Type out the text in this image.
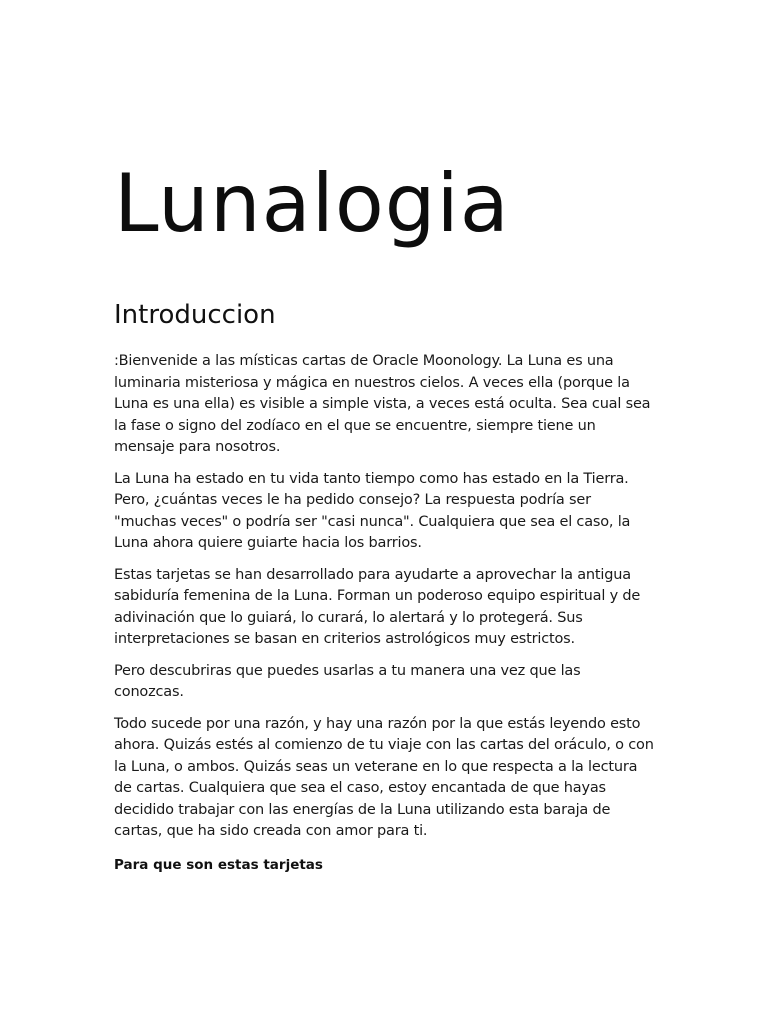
Lunalogia
Introduccion

:Bienvenide a las místicas cartas de Oracle Moonology. La Luna es una luminaria misteriosa y mágica en nuestros cielos. A veces ella (porque la Luna es una ella) es visible a simple vista, a veces está oculta. Sea cual sea la fase o signo del zodíaco en el que se encuentre, siempre tiene un mensaje para nosotros.

La Luna ha estado en tu vida tanto tiempo como has estado en la Tierra. Pero, ¿cuántas veces le ha pedido consejo? La respuesta podría ser "muchas veces" o podría ser "casi nunca". Cualquiera que sea el caso, la Luna ahora quiere guiarte hacia los barrios.

Estas tarjetas se han desarrollado para ayudarte a aprovechar la antigua sabiduría femenina de la Luna. Forman un poderoso equipo espiritual y de adivinación que lo guiará, lo curará, lo alertará y lo protegerá. Sus interpretaciones se basan en criterios astrológicos muy estrictos.

Pero descubriras que puedes usarlas a tu manera una vez que las conozcas.

Todo sucede por una razón, y hay una razón por la que estás leyendo esto ahora. Quizás estés al comienzo de tu viaje con las cartas del oráculo, o con la Luna, o ambos. Quizás seas un veterane en lo que respecta a la lectura de cartas. Cualquiera que sea el caso, estoy encantada de que hayas decidido trabajar con las energías de la Luna utilizando esta baraja de cartas, que ha sido creada con amor para ti.

Para que son estas tarjetas
